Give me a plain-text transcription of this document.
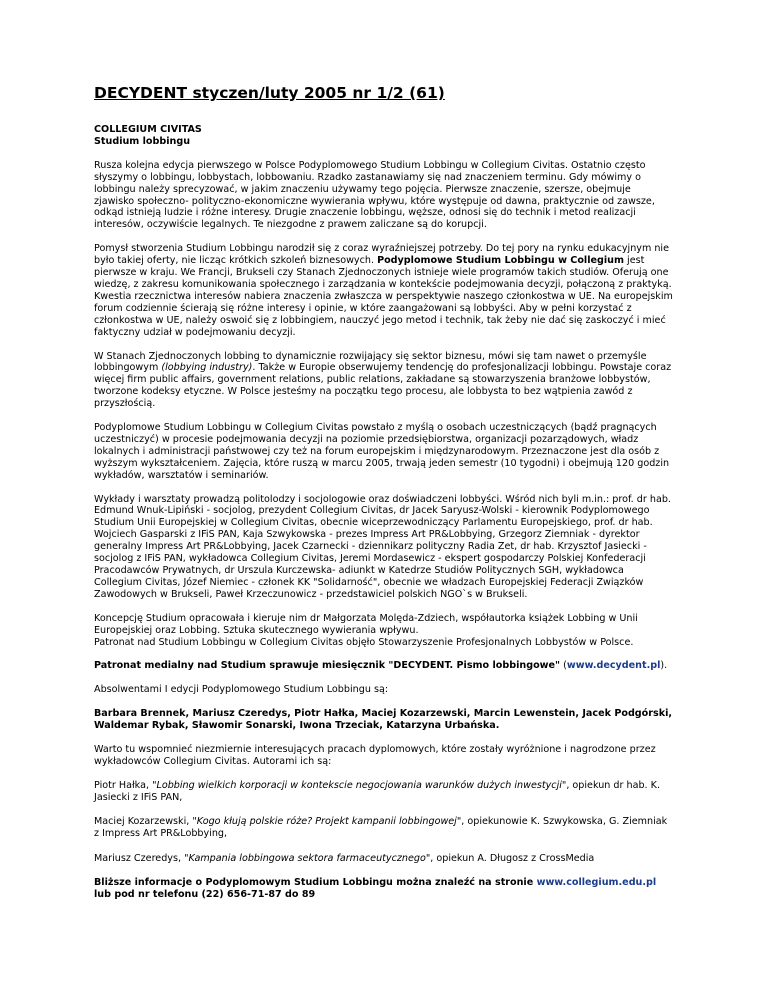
DECYDENT styczen/luty 2005 nr 1/2 (61)
COLLEGIUM CIVITAS
Studium lobbingu

Rusza kolejna edycja pierwszego w Polsce Podyplomowego Studium Lobbingu w Collegium Civitas. Ostatnio często słyszymy o lobbingu, lobbystach, lobbowaniu. Rzadko zastanawiamy się nad znaczeniem terminu. Gdy mówimy o lobbingu należy sprecyzować, w jakim znaczeniu używamy tego pojęcia. Pierwsze znaczenie, szersze, obejmuje zjawisko społeczno- polityczno-ekonomiczne wywierania wpływu, które występuje od dawna, praktycznie od zawsze, odkąd istnieją ludzie i różne interesy. Drugie znaczenie lobbingu, węższe, odnosi się do technik i metod realizacji interesów, oczywiście legalnych. Te niezgodne z prawem zaliczane są do korupcji.

Pomysł stworzenia Studium Lobbingu narodził się z coraz wyraźniejszej potrzeby. Do tej pory na rynku edukacyjnym nie było takiej oferty, nie licząc krótkich szkoleń biznesowych. Podyplomowe Studium Lobbingu w Collegium jest pierwsze w kraju. We Francji, Brukseli czy Stanach Zjednoczonych istnieje wiele programów takich studiów. Oferują one wiedzę, z zakresu komunikowania społecznego i zarządzania w kontekście podejmowania decyzji, połączoną z praktyką. Kwestia rzecznictwa interesów nabiera znaczenia zwłaszcza w perspektywie naszego członkostwa w UE. Na europejskim forum codziennie ścierają się różne interesy i opinie, w które zaangażowani są lobbyści. Aby w pełni korzystać z członkostwa w UE, należy oswoić się z lobbingiem, nauczyć jego metod i technik, tak żeby nie dać się zaskoczyć i mieć faktyczny udział w podejmowaniu decyzji.

W Stanach Zjednoczonych lobbing to dynamicznie rozwijający się sektor biznesu, mówi się tam nawet o przemyśle lobbingowym (lobbying industry). Także w Europie obserwujemy tendencję do profesjonalizacji lobbingu. Powstaje coraz więcej firm public affairs, government relations, public relations, zakładane są stowarzyszenia branżowe lobbystów, tworzone kodeksy etyczne. W Polsce jesteśmy na początku tego procesu, ale lobbysta to bez wątpienia zawód z przyszłością.

Podyplomowe Studium Lobbingu w Collegium Civitas powstało z myślą o osobach uczestniczących (bądź pragnących uczestniczyć) w procesie podejmowania decyzji na poziomie przedsiębiorstwa, organizacji pozarządowych, władz lokalnych i administracji państwowej czy też na forum europejskim i międzynarodowym. Przeznaczone jest dla osób z wyższym wykształceniem. Zajęcia, które ruszą w marcu 2005, trwają jeden semestr (10 tygodni) i obejmują 120 godzin wykładów, warsztatów i seminariów.

Wykłady i warsztaty prowadzą politolodzy i socjologowie oraz doświadczeni lobbyści. Wśród nich byli m.in.: prof. dr hab. Edmund Wnuk-Lipiński - socjolog, prezydent Collegium Civitas, dr Jacek Saryusz-Wolski - kierownik Podyplomowego Studium Unii Europejskiej w Collegium Civitas, obecnie wiceprzewodniczący Parlamentu Europejskiego, prof. dr hab. Wojciech Gasparski z IFiS PAN, Kaja Szwykowska - prezes Impress Art PR&Lobbying, Grzegorz Ziemniak - dyrektor generalny Impress Art PR&Lobbying, Jacek Czarnecki - dziennikarz polityczny Radia Zet, dr hab. Krzysztof Jasiecki - socjolog z IFiS PAN, wykładowca Collegium Civitas, Jeremi Mordasewicz - ekspert gospodarczy Polskiej Konfederacji Pracodawców Prywatnych, dr Urszula Kurczewska- adiunkt w Katedrze Studiów Politycznych SGH, wykładowca Collegium Civitas, Józef Niemiec - członek KK "Solidarność", obecnie we władzach Europejskiej Federacji Związków Zawodowych w Brukseli, Paweł Krzeczunowicz - przedstawiciel polskich NGO`s w Brukseli.

Koncepcję Studium opracowała i kieruje nim dr Małgorzata Molęda-Zdziech, współautorka książek Lobbing w Unii Europejskiej oraz Lobbing. Sztuka skutecznego wywierania wpływu.
Patronat nad Studium Lobbingu w Collegium Civitas objęło Stowarzyszenie Profesjonalnych Lobbystów w Polsce.

Patronat medialny nad Studium sprawuje miesięcznik "DECYDENT. Pismo lobbingowe" (www.decydent.pl).

Absolwentami I edycji Podyplomowego Studium Lobbingu są:

Barbara Brennek, Mariusz Czeredys, Piotr Hałka, Maciej Kozarzewski, Marcin Lewenstein, Jacek Podgórski, Waldemar Rybak, Sławomir Sonarski, Iwona Trzeciak, Katarzyna Urbańska.

Warto tu wspomnieć niezmiernie interesujących pracach dyplomowych, które zostały wyróżnione i nagrodzone przez wykładowców Collegium Civitas. Autorami ich są:

Piotr Hałka, "Lobbing wielkich korporacji w kontekscie negocjowania warunków dużych inwestycji", opiekun dr hab. K. Jasiecki z IFiS PAN,

Maciej Kozarzewski, "Kogo kłują polskie róże? Projekt kampanii lobbingowej", opiekunowie K. Szwykowska, G. Ziemniak z Impress Art PR&Lobbying,

Mariusz Czeredys, "Kampania lobbingowa sektora farmaceutycznego", opiekun A. Długosz z CrossMedia

Bliższe informacje o Podyplomowym Studium Lobbingu można znaleźć na stronie www.collegium.edu.pl
lub pod nr telefonu (22) 656-71-87 do 89
